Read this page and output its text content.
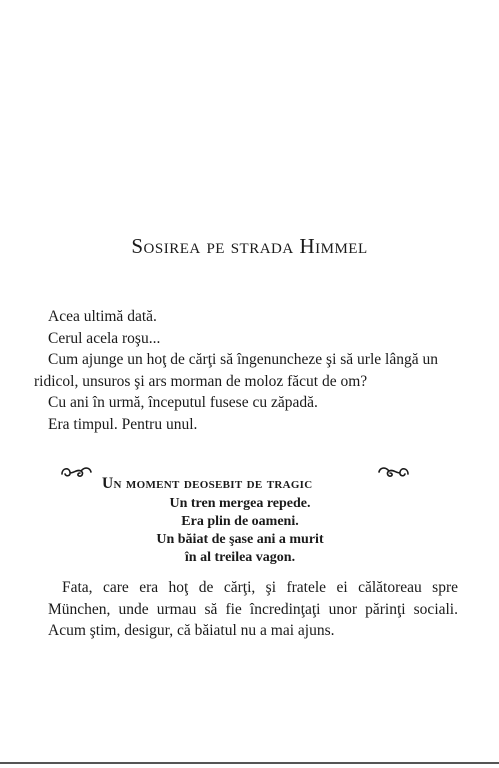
Sosirea pe strada Himmel

Acea ultimă dată.

Cerul acela roşu...

Cum ajunge un hoţ de cărţi să îngenuncheze şi să urle lângă un

ridicol, unsuros şi ars morman de moloz făcut de om?

Cu ani în urmă, începutul fusese cu zăpadă.

Era timpul. Pentru unul.

Un moment deosebit de tragic
Un tren mergea repede.
Era plin de oameni.
Un băiat de şase ani a murit
în al treilea vagon.

Fata, care era hoţ de cărţi, şi fratele ei călătoreau spre München, unde urmau să fie încredinţaţi unor părinţi sociali. Acum ştim, desigur, că băiatul nu a mai ajuns.
